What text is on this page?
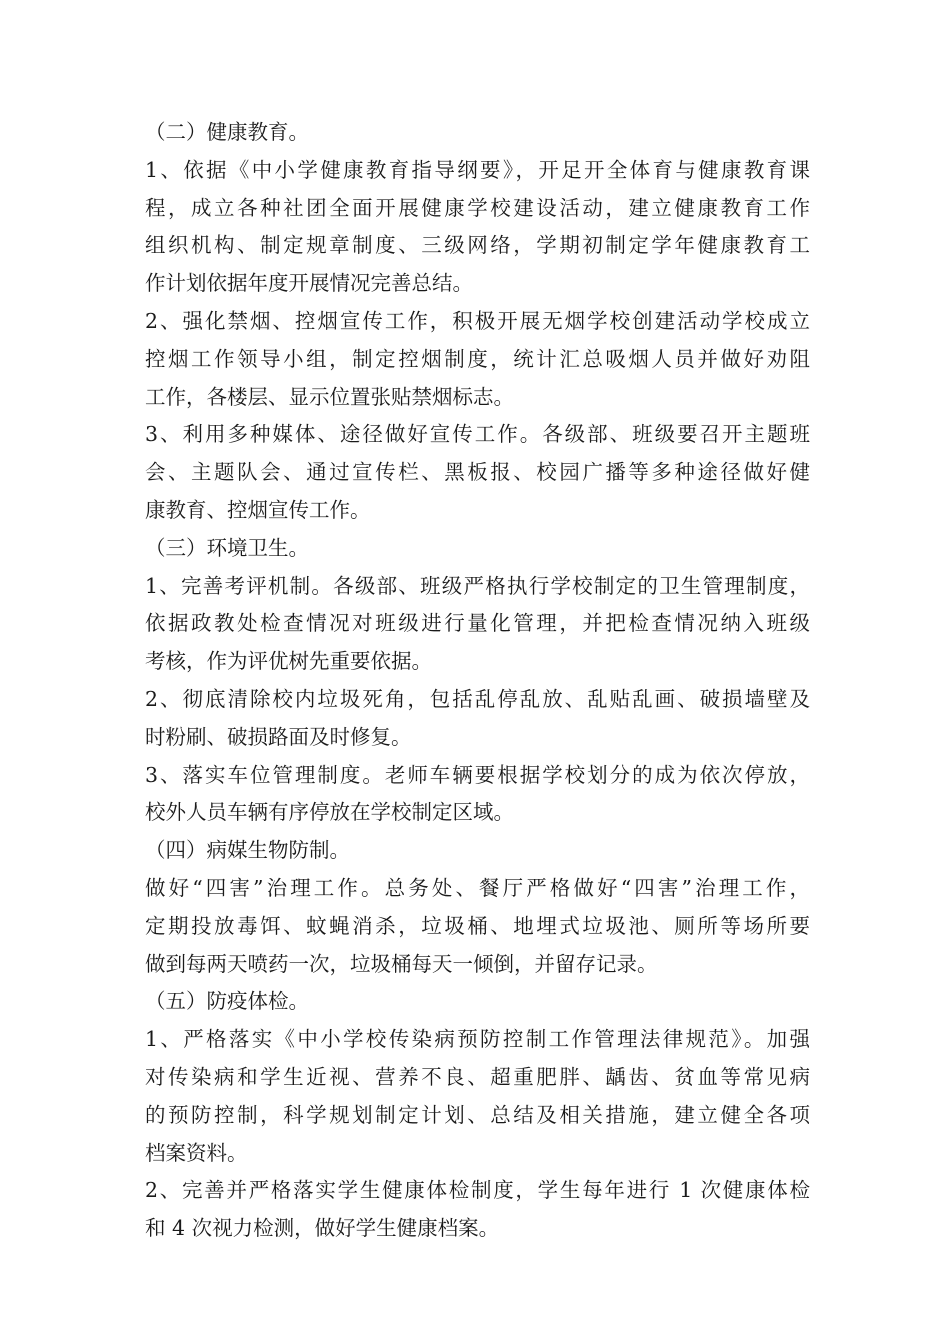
（二）健康教育。
1、依据《中小学健康教育指导纲要》，开足开全体育与健康教育课
程，成立各种社团全面开展健康学校建设活动，建立健康教育工作
组织机构、制定规章制度、三级网络，学期初制定学年健康教育工
作计划依据年度开展情况完善总结。
2、强化禁烟、控烟宣传工作，积极开展无烟学校创建活动学校成立
控烟工作领导小组，制定控烟制度，统计汇总吸烟人员并做好劝阻
工作，各楼层、显示位置张贴禁烟标志。
3、利用多种媒体、途径做好宣传工作。各级部、班级要召开主题班
会、主题队会、通过宣传栏、黑板报、校园广播等多种途径做好健
康教育、控烟宣传工作。
（三）环境卫生。
1、完善考评机制。各级部、班级严格执行学校制定的卫生管理制度，
依据政教处检查情况对班级进行量化管理，并把检查情况纳入班级
考核，作为评优树先重要依据。
2、彻底清除校内垃圾死角，包括乱停乱放、乱贴乱画、破损墙壁及
时粉刷、破损路面及时修复。
3、落实车位管理制度。老师车辆要根据学校划分的成为依次停放，
校外人员车辆有序停放在学校制定区域。
（四）病媒生物防制。
做好“四害”治理工作。总务处、餐厅严格做好“四害”治理工作，
定期投放毒饵、蚊蝇消杀，垃圾桶、地埋式垃圾池、厕所等场所要
做到每两天喷药一次，垃圾桶每天一倾倒，并留存记录。
（五）防疫体检。
1、严格落实《中小学校传染病预防控制工作管理法律规范》。加强
对传染病和学生近视、营养不良、超重肥胖、龋齿、贫血等常见病
的预防控制，科学规划制定计划、总结及相关措施，建立健全各项
档案资料。
2、完善并严格落实学生健康体检制度，学生每年进行 1 次健康体检
和 4 次视力检测，做好学生健康档案。
